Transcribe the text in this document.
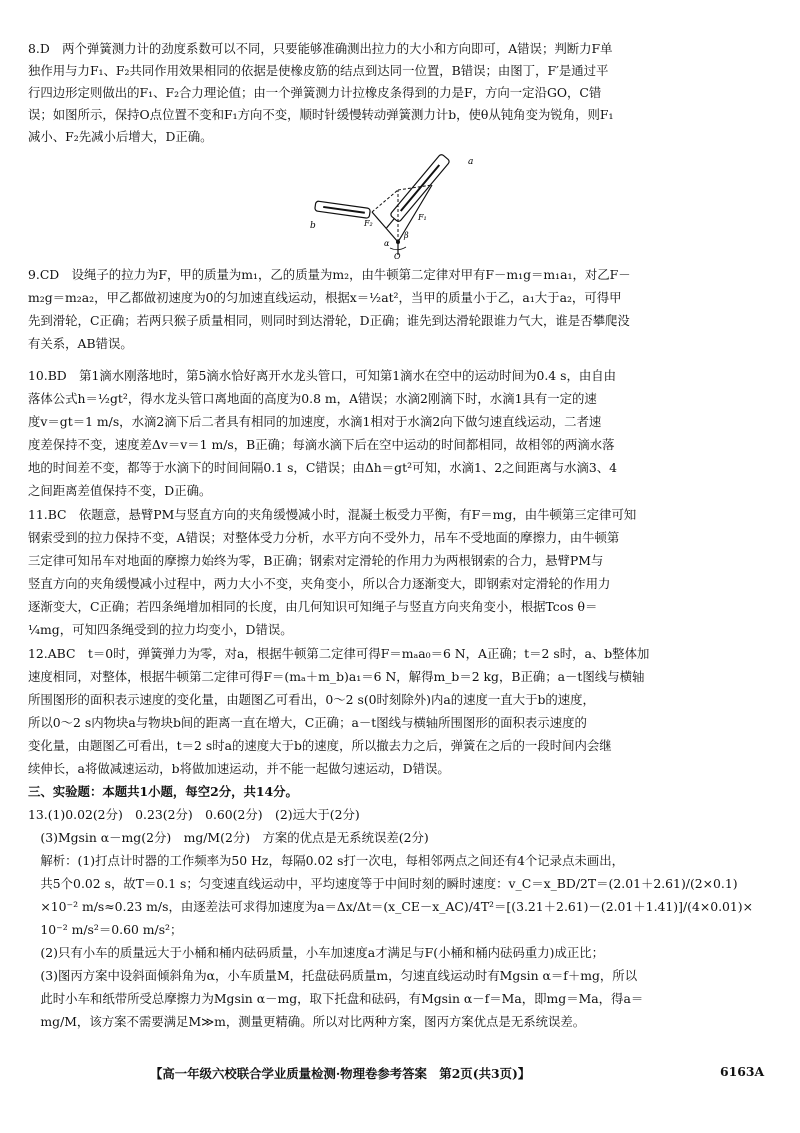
8.D　两个弹簧测力计的劲度系数可以不同，只要能够准确测出拉力的大小和方向即可，A错误；判断力F单
独作用与力F₁、F₂共同作用效果相同的依据是使橡皮筋的结点到达同一位置，B错误；由图丁，F′是通过平
行四边形定则做出的F₁、F₂合力理论值；由一个弹簧测力计拉橡皮条得到的力是F，方向一定沿GO，C错
误；如图所示，保持O点位置不变和F₁方向不变，顺时针缓慢转动弹簧测力计b，使θ从钝角变为锐角，则F₁
减小、F₂先减小后增大，D正确。
9.CD　设绳子的拉力为F，甲的质量为m₁，乙的质量为m₂，由牛顿第二定律对甲有F－m₁g＝m₁a₁，对乙F－
m₂g＝m₂a₂，甲乙都做初速度为0的匀加速直线运动，根据x＝½at²，当甲的质量小于乙，a₁大于a₂，可得甲
先到滑轮，C正确；若两只猴子质量相同，则同时到达滑轮，D正确；谁先到达滑轮跟谁力气大，谁是否攀爬没
有关系，AB错误。
10.BD　第1滴水刚落地时，第5滴水恰好离开水龙头管口，可知第1滴水在空中的运动时间为0.4 s，由自由
落体公式h＝½gt²，得水龙头管口离地面的高度为0.8 m，A错误；水滴2刚滴下时，水滴1具有一定的速
度v＝gt＝1 m/s，水滴2滴下后二者具有相同的加速度，水滴1相对于水滴2向下做匀速直线运动，二者速
度差保持不变，速度差Δv＝v＝1 m/s，B正确；每滴水滴下后在空中运动的时间都相同，故相邻的两滴水落
地的时间差不变，都等于水滴下的时间间隔0.1 s，C错误；由Δh＝gt²可知，水滴1、2之间距离与水滴3、4
之间距离差值保持不变，D正确。
11.BC　依题意，悬臂PM与竖直方向的夹角缓慢减小时，混凝土板受力平衡，有F＝mg，由牛顿第三定律可知
钢索受到的拉力保持不变，A错误；对整体受力分析，水平方向不受外力，吊车不受地面的摩擦力，由牛顿第
三定律可知吊车对地面的摩擦力始终为零，B正确；钢索对定滑轮的作用力为两根钢索的合力，悬臂PM与
竖直方向的夹角缓慢减小过程中，两力大小不变，夹角变小，所以合力逐渐变大，即钢索对定滑轮的作用力
逐渐变大，C正确；若四条绳增加相同的长度，由几何知识可知绳子与竖直方向夹角变小，根据Tcos θ＝
¼mg，可知四条绳受到的拉力均变小，D错误。
12.ABC　t＝0时，弹簧弹力为零，对a，根据牛顿第二定律可得F＝mₐa₀＝6 N，A正确；t＝2 s时，a、b整体加
速度相同，对整体，根据牛顿第二定律可得F＝(mₐ＋m_b)a₁＝6 N，解得m_b＝2 kg，B正确；a－t图线与横轴
所围图形的面积表示速度的变化量，由题图乙可看出，0～2 s(0时刻除外)内a的速度一直大于b的速度，
所以0～2 s内物块a与物块b间的距离一直在增大，C正确；a－t图线与横轴所围图形的面积表示速度的
变化量，由题图乙可看出，t＝2 s时a的速度大于b的速度，所以撤去力之后，弹簧在之后的一段时间内会继
续伸长，a将做减速运动，b将做加速运动，并不能一起做匀速运动，D错误。
三、实验题：本题共1小题，每空2分，共14分。
13.(1)0.02(2分)　0.23(2分)　0.60(2分)　(2)远大于(2分)
　(3)Mgsin α－mg(2分)　mg/M(2分)　方案的优点是无系统误差(2分)
　解析：(1)打点计时器的工作频率为50 Hz，每隔0.02 s打一次电，每相邻两点之间还有4个记录点未画出，
　共5个0.02 s，故T＝0.1 s；匀变速直线运动中，平均速度等于中间时刻的瞬时速度：v_C＝x_BD/2T＝(2.01＋2.61)/(2×0.1)
　×10⁻² m/s≈0.23 m/s，由逐差法可求得加速度为a＝Δx/Δt＝(x_CE－x_AC)/4T²＝[(3.21＋2.61)－(2.01＋1.41)]/(4×0.01)×
　10⁻² m/s²＝0.60 m/s²；
　(2)只有小车的质量远大于小桶和桶内砝码质量，小车加速度a才满足与F(小桶和桶内砝码重力)成正比；
　(3)图丙方案中设斜面倾斜角为α，小车质量M，托盘砝码质量m，匀速直线运动时有Mgsin α＝f＋mg，所以
　此时小车和纸带所受总摩擦力为Mgsin α－mg，取下托盘和砝码，有Mgsin α－f＝Ma，即mg＝Ma，得a＝
　mg/M，该方案不需要满足M≫m，测量更精确。所以对比两种方案，图丙方案优点是无系统误差。
a
b	F₂
F₁
β
α
O
【高一年级六校联合学业质量检测·物理卷参考答案　第2页(共3页)】	6163A
